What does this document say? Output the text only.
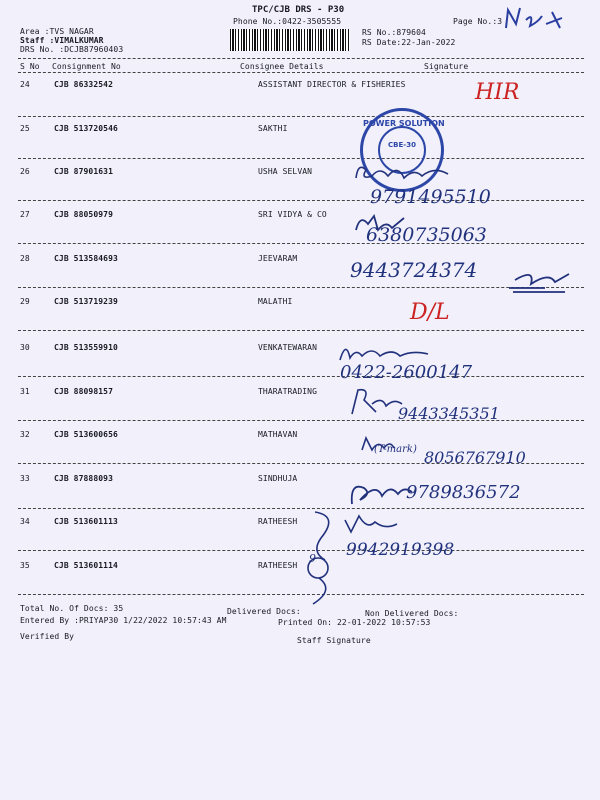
TPC/CJB DRS - P30
Phone No.:0422-3505555
Area :TVS NAGAR
Staff :VIMALKUMAR
DRS No. :DCJB87960403
RS No.:879604
RS Date:22-Jan-2022
Page No.:3
S No Consignment No	Consignee Details	Signature
24	CJB 86332542	ASSISTANT DIRECTOR & FISHERIES
25	CJB 513720546	SAKTHI
26	CJB 87901631	USHA SELVAN
27	CJB 88050979	SRI VIDYA & CO
28	CJB 513584693	JEEVARAM
29	CJB 513719239	MALATHI
30	CJB 513559910	VENKATEWARAN
31	CJB 88098157	THARATRADING
32	CJB 513600656	MATHAVAN
33	CJB 87888093	SINDHUJA
34	CJB 513601113	RATHEESH
35	CJB 513601114	RATHEESH
Total No. Of Docs: 35	Delivered Docs:	Non Delivered Docs:
Entered By :PRIYAP30 1/22/2022 10:57:43 AM	Printed On: 22-01-2022 10:57:53
Verified By	Staff Signature
POWER SOLUTION
CBE-30
HIR
D/L
9791495510
6380735063
9443724374
0422-2600147
9443345351
(T-mark) 8056767910
9789836572
9 9942919398
